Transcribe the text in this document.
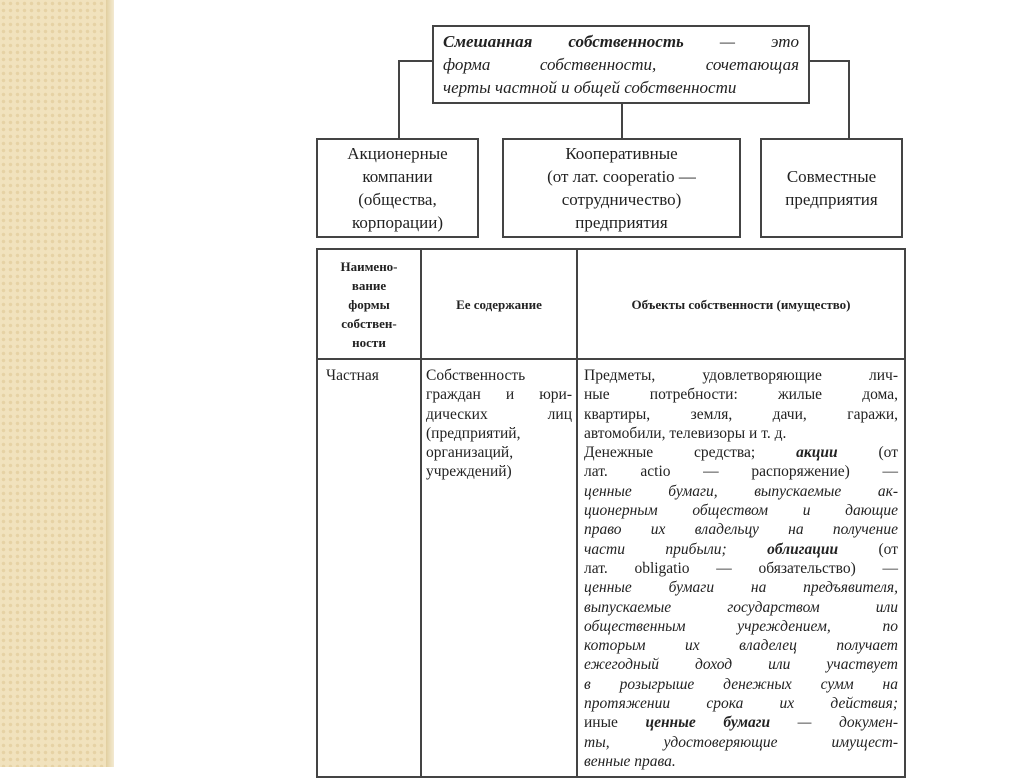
Смешанная собственность — это
форма собственности, сочетающая
черты частной и общей собственности
Акционерные
компании
(общества,
корпорации)
Кооперативные
(от лат. cooperatio —
сотрудничество)
предприятия
Совместные
предприятия
Наимено-
вание
формы
собствен-
ности
Ее содержание	Объекты собственности (имущество)
Частная	Собственность
граждан и юри-
дических лиц
(предприятий,
организаций,
учреждений)
Предметы, удовлетворяющие лич-
ные потребности: жилые дома,
квартиры, земля, дачи, гаражи,
автомобили, телевизоры и т. д.
Денежные средства; акции (от
лат. actio — распоряжение) —
ценные бумаги, выпускаемые ак-
ционерным обществом и дающие
право их владельцу на получение
части прибыли; облигации (от
лат. obligatio — обязательство) —
ценные бумаги на предъявителя,
выпускаемые государством или
общественным учреждением, по
которым их владелец получает
ежегодный доход или участвует
в розыгрыше денежных сумм на
протяжении срока их действия;
иные ценные бумаги — докумен-
ты, удостоверяющие имущест-
венные права.
